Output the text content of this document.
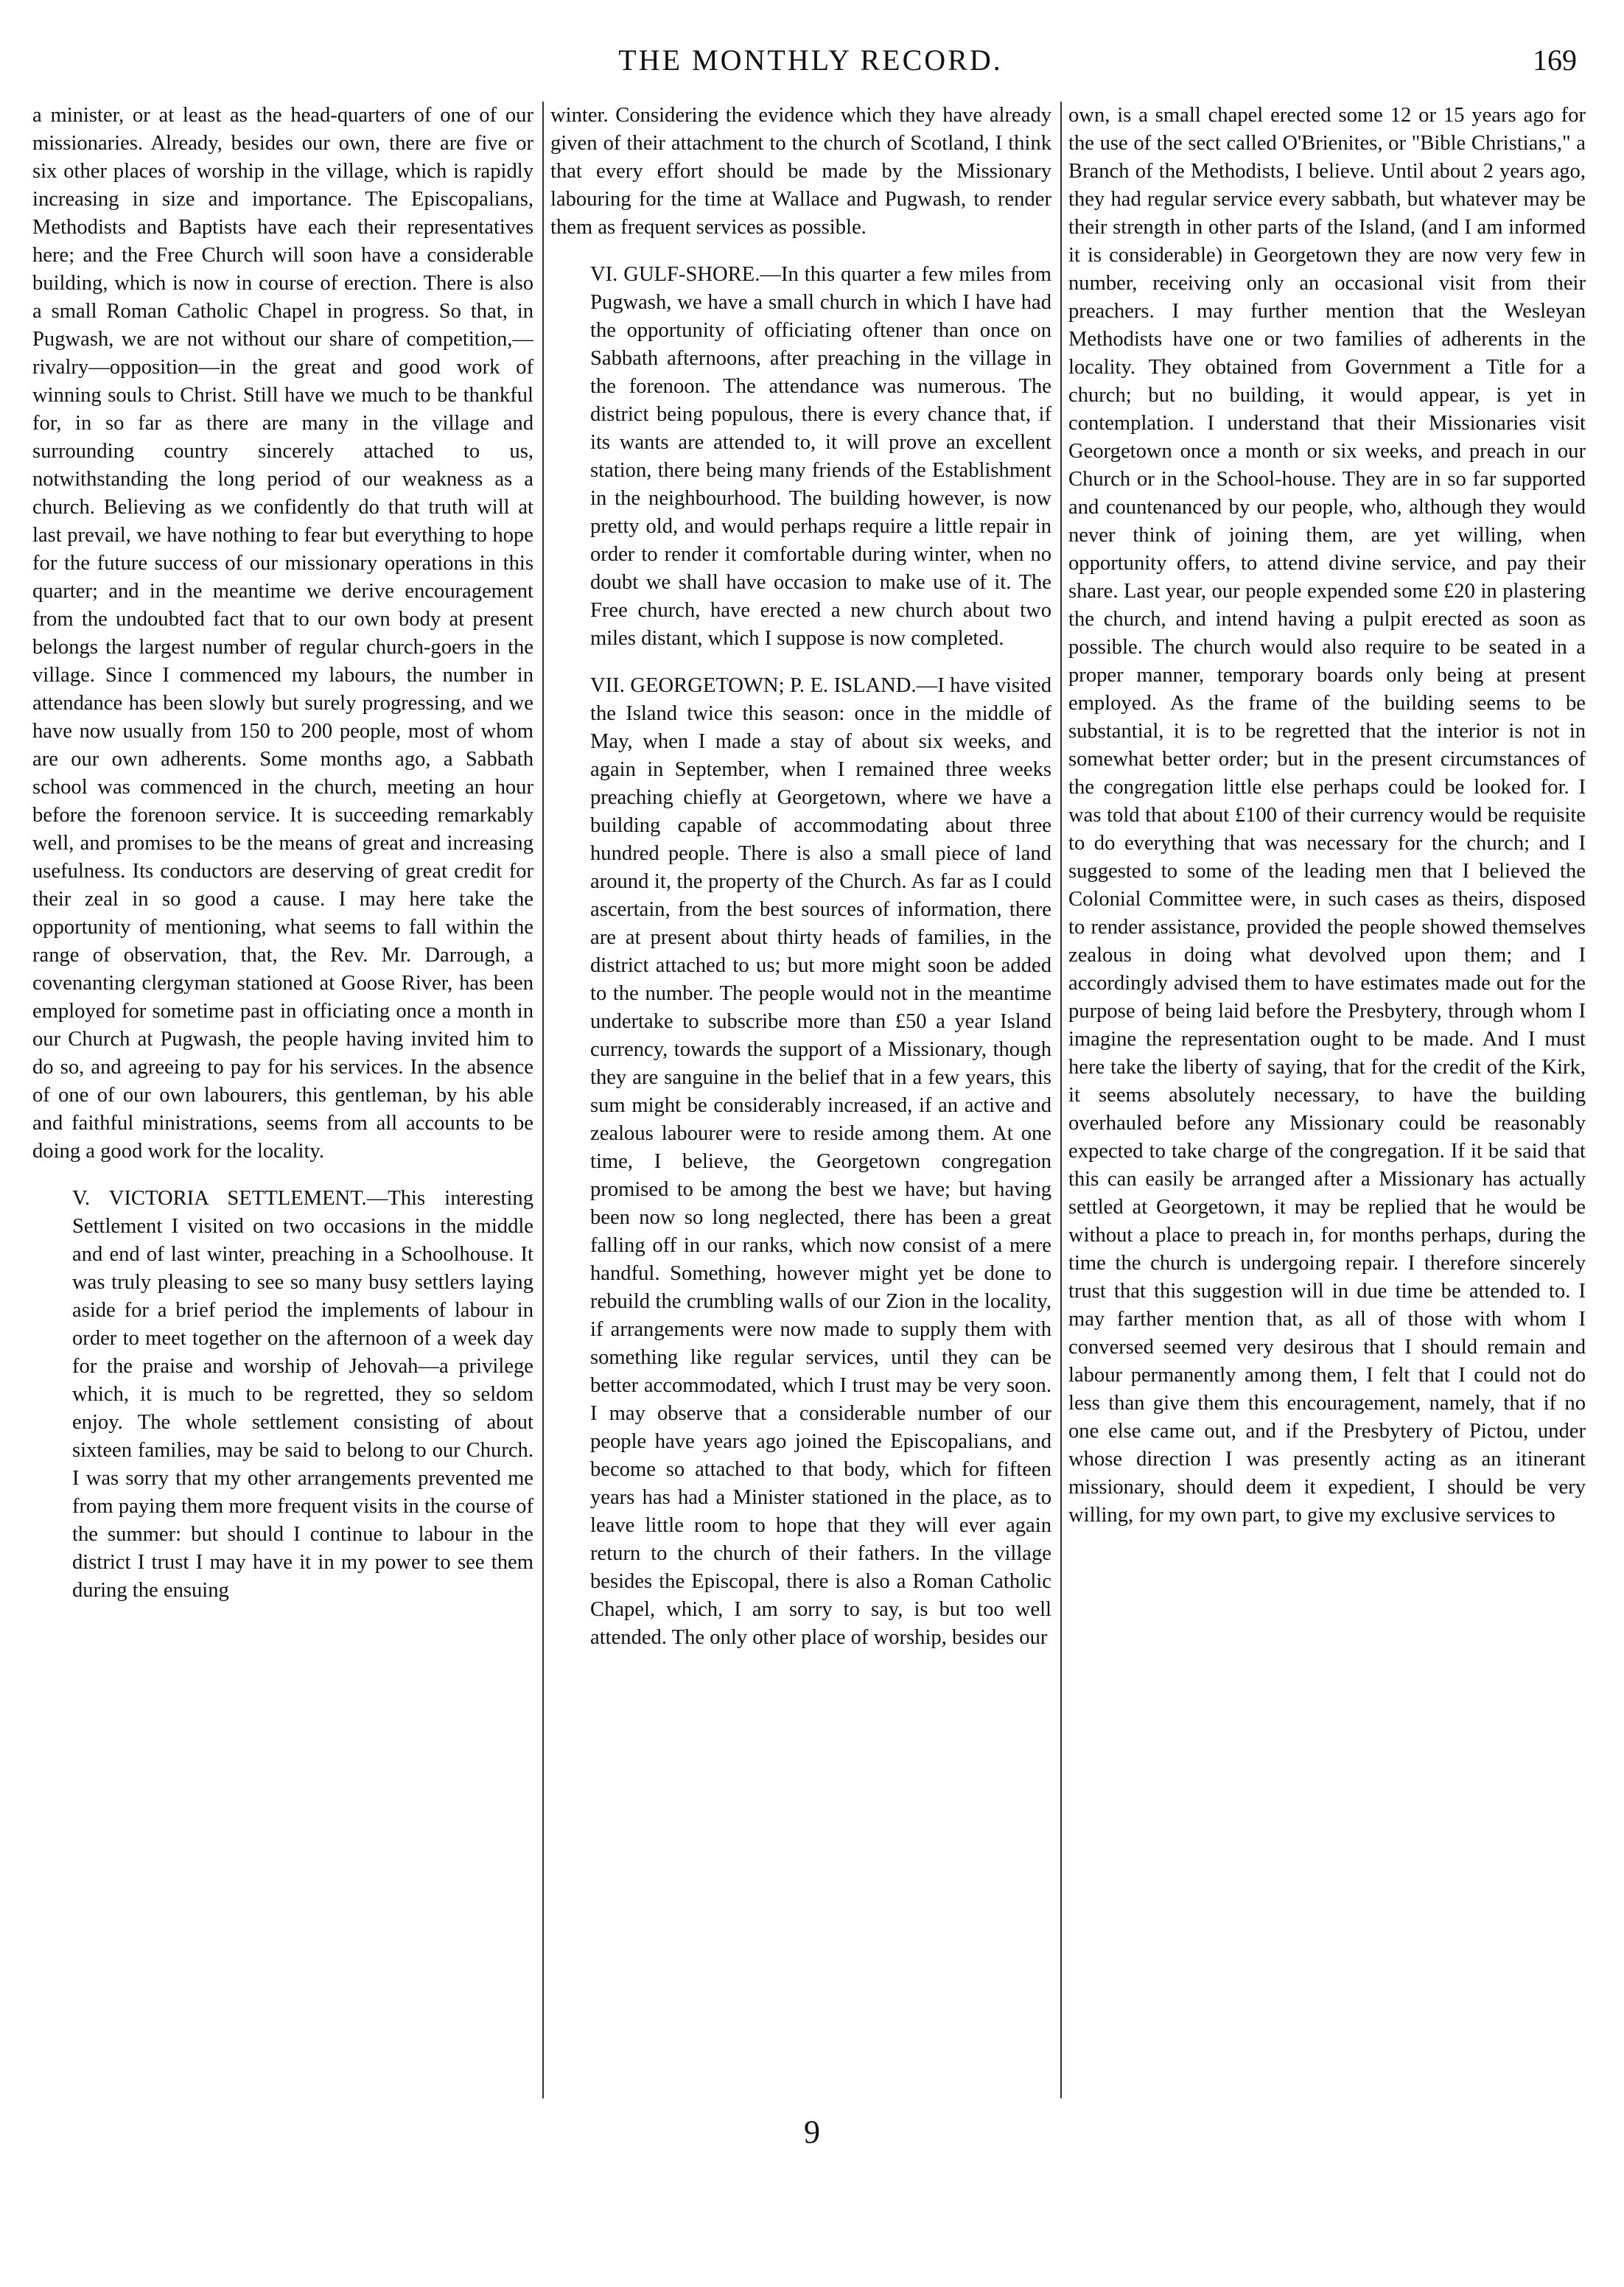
THE MONTHLY RECORD.	169

a minister, or at least as the head-quarters of one of our missionaries. Already, besides our own, there are five or six other places of worship in the village, which is rapidly increasing in size and importance. The Episcopalians, Methodists and Baptists have each their representatives here; and the Free Church will soon have a considerable building, which is now in course of erection. There is also a small Roman Catholic Chapel in progress. So that, in Pugwash, we are not without our share of competition,—rivalry—opposition—in the great and good work of winning souls to Christ. Still have we much to be thankful for, in so far as there are many in the village and surrounding country sincerely attached to us, notwithstanding the long period of our weakness as a church. Believing as we confidently do that truth will at last prevail, we have nothing to fear but everything to hope for the future success of our missionary operations in this quarter; and in the meantime we derive encouragement from the undoubted fact that to our own body at present belongs the largest number of regular church-goers in the village. Since I commenced my labours, the number in attendance has been slowly but surely progressing, and we have now usually from 150 to 200 people, most of whom are our own adherents. Some months ago, a Sabbath school was commenced in the church, meeting an hour before the forenoon service. It is succeeding remarkably well, and promises to be the means of great and increasing usefulness. Its conductors are deserving of great credit for their zeal in so good a cause. I may here take the opportunity of mentioning, what seems to fall within the range of observation, that, the Rev. Mr. Darrough, a covenanting clergyman stationed at Goose River, has been employed for sometime past in officiating once a month in our Church at Pugwash, the people having invited him to do so, and agreeing to pay for his services. In the absence of one of our own labourers, this gentleman, by his able and faithful ministrations, seems from all accounts to be doing a good work for the locality.

V. VICTORIA SETTLEMENT.—This interesting Settlement I visited on two occasions in the middle and end of last winter, preaching in a Schoolhouse. It was truly pleasing to see so many busy settlers laying aside for a brief period the implements of labour in order to meet together on the afternoon of a week day for the praise and worship of Jehovah—a privilege which, it is much to be regretted, they so seldom enjoy. The whole settlement consisting of about sixteen families, may be said to belong to our Church. I was sorry that my other arrangements prevented me from paying them more frequent visits in the course of the summer: but should I continue to labour in the district I trust I may have it in my power to see them during the ensuing

winter. Considering the evidence which they have already given of their attachment to the church of Scotland, I think that every effort should be made by the Missionary labouring for the time at Wallace and Pugwash, to render them as frequent services as possible.

VI. GULF-SHORE.—In this quarter a few miles from Pugwash, we have a small church in which I have had the opportunity of officiating oftener than once on Sabbath afternoons, after preaching in the village in the forenoon. The attendance was numerous. The district being populous, there is every chance that, if its wants are attended to, it will prove an excellent station, there being many friends of the Establishment in the neighbourhood. The building however, is now pretty old, and would perhaps require a little repair in order to render it comfortable during winter, when no doubt we shall have occasion to make use of it. The Free church, have erected a new church about two miles distant, which I suppose is now completed.

VII. GEORGETOWN; P. E. ISLAND.—I have visited the Island twice this season: once in the middle of May, when I made a stay of about six weeks, and again in September, when I remained three weeks preaching chiefly at Georgetown, where we have a building capable of accommodating about three hundred people. There is also a small piece of land around it, the property of the Church. As far as I could ascertain, from the best sources of information, there are at present about thirty heads of families, in the district attached to us; but more might soon be added to the number. The people would not in the meantime undertake to subscribe more than £50 a year Island currency, towards the support of a Missionary, though they are sanguine in the belief that in a few years, this sum might be considerably increased, if an active and zealous labourer were to reside among them. At one time, I believe, the Georgetown congregation promised to be among the best we have; but having been now so long neglected, there has been a great falling off in our ranks, which now consist of a mere handful. Something, however might yet be done to rebuild the crumbling walls of our Zion in the locality, if arrangements were now made to supply them with something like regular services, until they can be better accommodated, which I trust may be very soon. I may observe that a considerable number of our people have years ago joined the Episcopalians, and become so attached to that body, which for fifteen years has had a Minister stationed in the place, as to leave little room to hope that they will ever again return to the church of their fathers. In the village besides the Episcopal, there is also a Roman Catholic Chapel, which, I am sorry to say, is but too well attended. The only other place of worship, besides our

own, is a small chapel erected some 12 or 15 years ago for the use of the sect called O'Brienites, or "Bible Christians," a Branch of the Methodists, I believe. Until about 2 years ago, they had regular service every sabbath, but whatever may be their strength in other parts of the Island, (and I am informed it is considerable) in Georgetown they are now very few in number, receiving only an occasional visit from their preachers. I may further mention that the Wesleyan Methodists have one or two families of adherents in the locality. They obtained from Government a Title for a church; but no building, it would appear, is yet in contemplation. I understand that their Missionaries visit Georgetown once a month or six weeks, and preach in our Church or in the School-house. They are in so far supported and countenanced by our people, who, although they would never think of joining them, are yet willing, when opportunity offers, to attend divine service, and pay their share. Last year, our people expended some £20 in plastering the church, and intend having a pulpit erected as soon as possible. The church would also require to be seated in a proper manner, temporary boards only being at present employed. As the frame of the building seems to be substantial, it is to be regretted that the interior is not in somewhat better order; but in the present circumstances of the congregation little else perhaps could be looked for. I was told that about £100 of their currency would be requisite to do everything that was necessary for the church; and I suggested to some of the leading men that I believed the Colonial Committee were, in such cases as theirs, disposed to render assistance, provided the people showed themselves zealous in doing what devolved upon them; and I accordingly advised them to have estimates made out for the purpose of being laid before the Presbytery, through whom I imagine the representation ought to be made. And I must here take the liberty of saying, that for the credit of the Kirk, it seems absolutely necessary, to have the building overhauled before any Missionary could be reasonably expected to take charge of the congregation. If it be said that this can easily be arranged after a Missionary has actually settled at Georgetown, it may be replied that he would be without a place to preach in, for months perhaps, during the time the church is undergoing repair. I therefore sincerely trust that this suggestion will in due time be attended to. I may farther mention that, as all of those with whom I conversed seemed very desirous that I should remain and labour permanently among them, I felt that I could not do less than give them this encouragement, namely, that if no one else came out, and if the Presbytery of Pictou, under whose direction I was presently acting as an itinerant missionary, should deem it expedient, I should be very willing, for my own part, to give my exclusive services to

9
